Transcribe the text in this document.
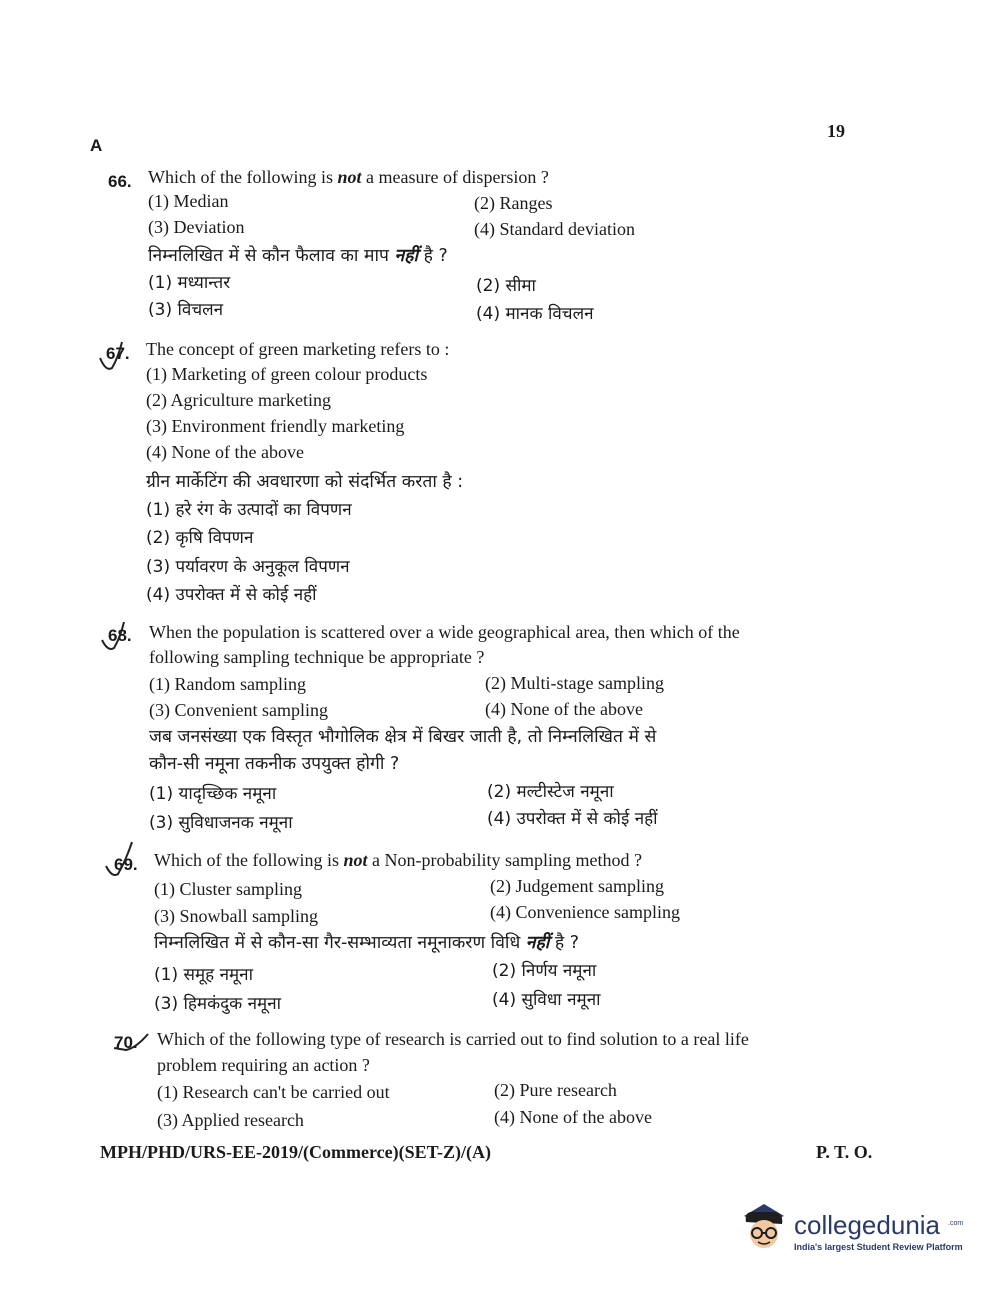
A
19
66. Which of the following is not a measure of dispersion ?
(1) Median	(2) Ranges
(3) Deviation	(4) Standard deviation
निम्नलिखित में से कौन फैलाव का माप नहीं है ?
(1) मध्यान्तर	(2) सीमा
(3) विचलन	(4) मानक विचलन
67. The concept of green marketing refers to :
(1) Marketing of green colour products
(2) Agriculture marketing
(3) Environment friendly marketing
(4) None of the above
ग्रीन मार्केटिंग की अवधारणा को संदर्भित करता है :
(1) हरे रंग के उत्पादों का विपणन
(2) कृषि विपणन
(3) पर्यावरण के अनुकूल विपणन
(4) उपरोक्त में से कोई नहीं
68. When the population is scattered over a wide geographical area, then which of the
following sampling technique be appropriate ?
(1) Random sampling	(2) Multi-stage sampling
(3) Convenient sampling	(4) None of the above
जब जनसंख्या एक विस्तृत भौगोलिक क्षेत्र में बिखर जाती है, तो निम्नलिखित में से
कौन-सी नमूना तकनीक उपयुक्त होगी ?
(1) यादृच्छिक नमूना	(2) मल्टीस्टेज नमूना
(3) सुविधाजनक नमूना	(4) उपरोक्त में से कोई नहीं
69. Which of the following is not a Non-probability sampling method ?
(1) Cluster sampling	(2) Judgement sampling
(3) Snowball sampling	(4) Convenience sampling
निम्नलिखित में से कौन-सा गैर-सम्भाव्यता नमूनाकरण विधि नहीं है ?
(1) समूह नमूना	(2) निर्णय नमूना
(3) हिमकंदुक नमूना	(4) सुविधा नमूना
70. Which of the following type of research is carried out to find solution to a real life
problem requiring an action ?
(1) Research can't be carried out	(2) Pure research
(3) Applied research	(4) None of the above
MPH/PHD/URS-EE-2019/(Commerce)(SET-Z)/(A)	P. T. O.
collegedunia .com
India's largest Student Review Platform
